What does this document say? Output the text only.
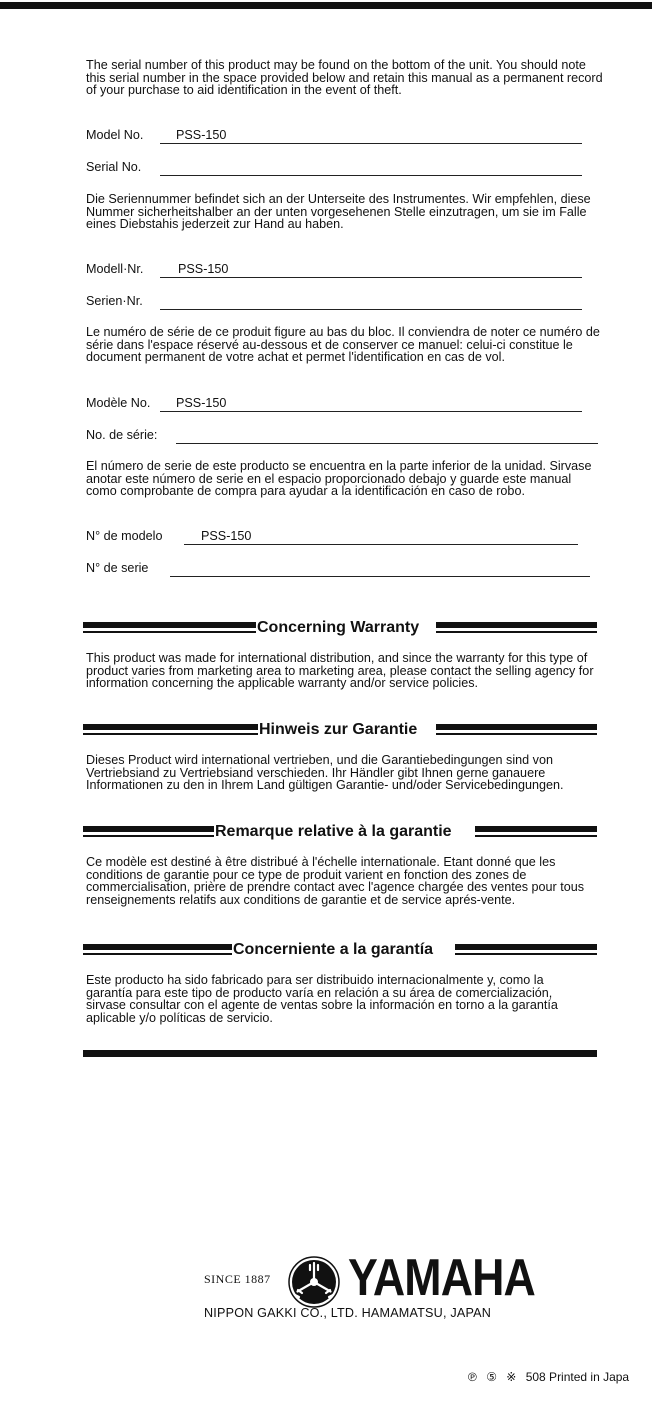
The serial number of this product may be found on the bottom of the unit. You should note this serial number in the space provided below and retain this manual as a permanent record of your purchase to aid identification in the event of theft.

Model No.	PSS-150
Serial No.

Die Seriennummer befindet sich an der Unterseite des Instrumentes. Wir empfehlen, diese Nummer sicherheitshalber an der unten vorgesehenen Stelle einzutragen, um sie im Falle eines Diebstahis jederzeit zur Hand au haben.

Modell·Nr.	PSS-150
Serien·Nr.

Le numéro de série de ce produit figure au bas du bloc. Il conviendra de noter ce numéro de série dans l'espace réservé au-dessous et de conserver ce manuel: celui-ci constitue le document permanent de votre achat et permet l'identification en cas de vol.

Modèle No. PSS-150
No. de série:

El número de serie de este producto se encuentra en la parte inferior de la unidad. Sirvase anotar este número de serie en el espacio proporcionado debajo y guarde este manual como comprobante de compra para ayudar a la identificación en caso de robo.

N° de modelo	PSS-150
N° de serie
Concerning Warranty

This product was made for international distribution, and since the warranty for this type of product varies from marketing area to marketing area, please contact the selling agency for information concerning the applicable warranty and/or service policies.

Hinweis zur Garantie

Dieses Product wird international vertrieben, und die Garantiebedingungen sind von Vertriebsiand zu Vertriebsiand verschieden. Ihr Händler gibt Ihnen gerne ganauere Informationen zu den in Ihrem Land gültigen Garantie- und/oder Servicebedingungen.

Remarque relative à la garantie

Ce modèle est destiné à être distribué à l'échelle internationale. Etant donné que les conditions de garantie pour ce type de produit varient en fonction des zones de commercialisation, prière de prendre contact avec l'agence chargée des ventes pour tous renseignements relatifs aux conditions de garantie et de service aprés-vente.

Concerniente a la garantía

Este producto ha sido fabricado para ser distribuido internacionalmente y, como la garantía para este tipo de producto varía en relación a su área de comercialización, sirvase consultar con el agente de ventas sobre la información en torno a la garantía aplicable y/o políticas de servicio.

SINCE 1887 YAMAHA
NIPPON GAKKI CO., LTD. HAMAMATSU, JAPAN
℗ ⑤ ※ 508 Printed in Japa
